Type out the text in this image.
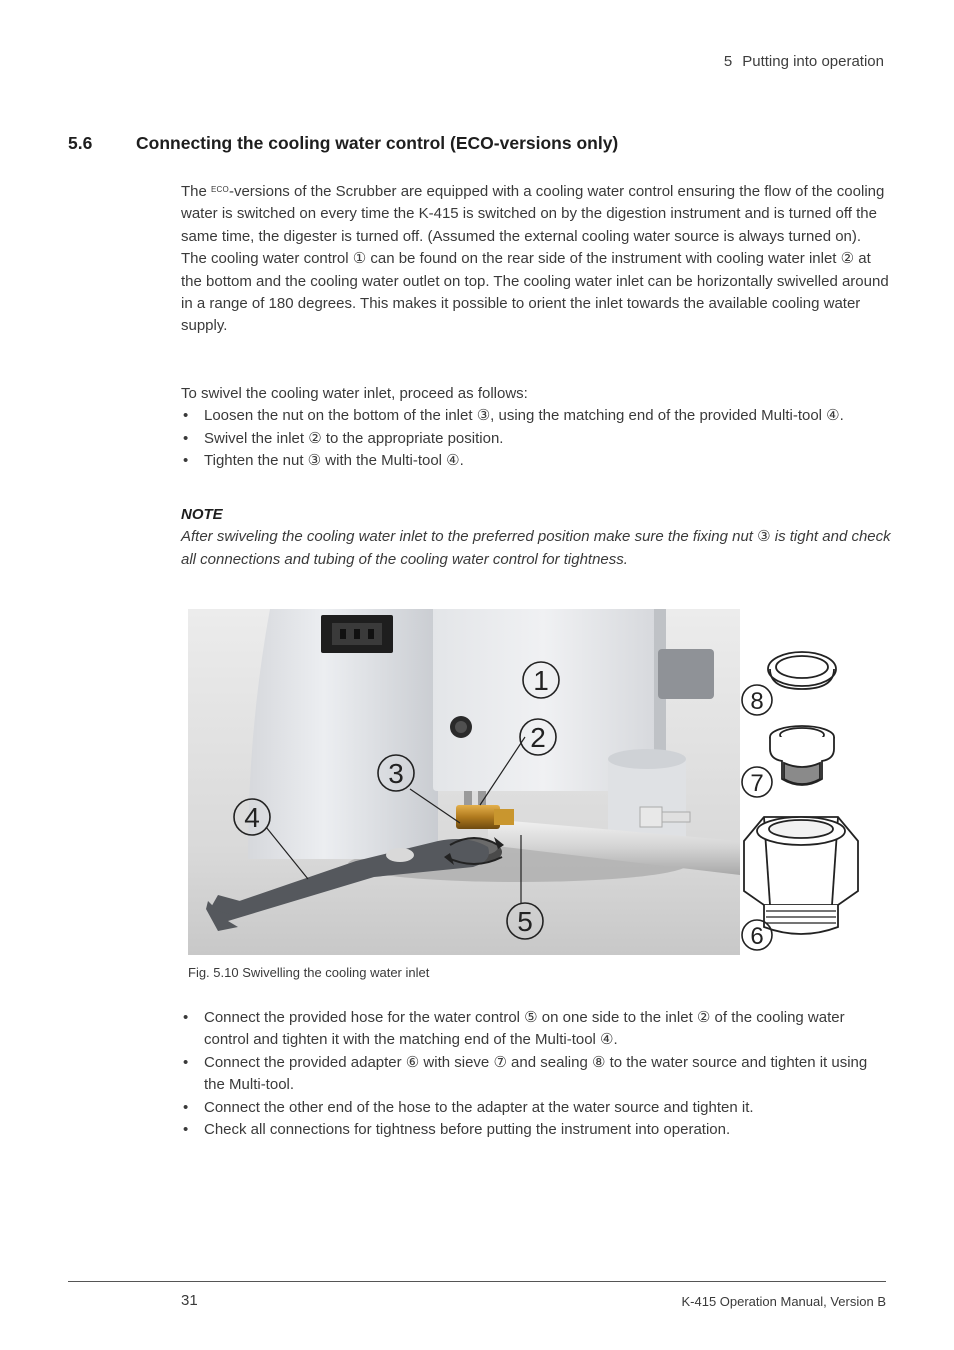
5 Putting into operation
5.6 Connecting the cooling water control (ECO-versions only)

The $^{ECO}$-versions of the Scrubber are equipped with a cooling water control ensuring the flow of the cooling water is switched on every time the K-415 is switched on by the digestion instrument and is turned off the same time, the digester is turned off. (Assumed the external cooling water source is always turned on).

The cooling water control ① can be found on the rear side of the instrument with cooling water inlet ② at the bottom and the cooling water outlet on top. The cooling water inlet can be horizontally swivelled around in a range of 180 degrees. This makes it possible to orient the inlet towards the available cooling water supply.

To swivel the cooling water inlet, proceed as follows:

• Loosen the nut on the bottom of the inlet ③, using the matching end of the provided Multi-tool ④.
• Swivel the inlet ② to the appropriate position.
• Tighten the nut ③ with the Multi-tool ④.

NOTE

After swiveling the cooling water inlet to the preferred position make sure the fixing nut ③ is tight and check all connections and tubing of the cooling water control for tightness.

1
2
3
4
5
8
7
6
Fig. 5.10 Swivelling the cooling water inlet
• Connect the provided hose for the water control ⑤ on one side to the inlet ② of the cooling water control and tighten it with the matching end of the Multi-tool ④.
• Connect the provided adapter ⑥ with sieve ⑦ and sealing ⑧ to the water source and tighten it using the Multi-tool.
• Connect the other end of the hose to the adapter at the water source and tighten it.
• Check all connections for tightness before putting the instrument into operation.
31	K-415 Operation Manual, Version B
